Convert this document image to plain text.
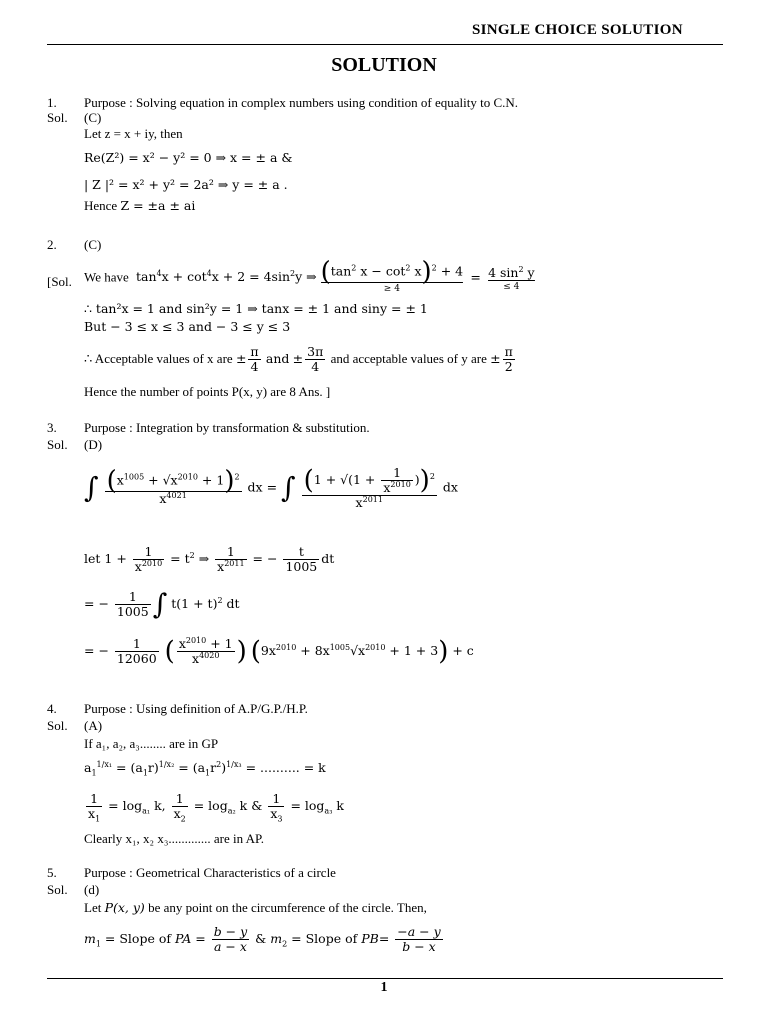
SINGLE CHOICE SOLUTION
SOLUTION
1. Purpose : Solving equation in complex numbers using condition of equality to C.N.
Sol. (C)
Let z = x + iy, then
Re(Z²) = x² − y² = 0 ⇒ x = ± a &
| Z |² = x² + y² = 2a² ⇒ y = ± a .
Hence Z = ±a ± ai
2. (C)
[Sol. We have  $\tan^4x + \cot^4x + 2 = 4\sin^2y$ ⇒ ($\tan^2$ $x - \cot^2 x)^2 + 4$
≥ 4
= 4 $\sin^2 y$
≤ 4
∴ tan²x = 1 and sin²y = 1 ⇒ tanx = ± 1 and siny = ± 1
But − 3 ≤ x ≤ 3 and − 3 ≤ y ≤ 3
∴ Acceptable values of x are ± $\frac{\pi}{4}$ and ± $\frac{3\pi}{4}$ and acceptable values of y are ± $\frac{\pi}{2}$
Hence the number of points P(x, y) are 8 Ans. ]
3. Purpose : Integration by transformation & substitution.
Sol. (D)
∫ $\frac{(x^{1005} + √x^{2010} + 1)^2}{x^{4021}}$ dx = ∫ $\frac{(1 + √(1 + \frac{1}{x^{2010}} ))^2}{x^{2011}}$ dx
let $1 + \frac{1}{x^{2010}} = t^2$ ⇒ $\frac{1}{x^{2011}}$ = − $\frac{t}{1005}$ dt
= − $\frac{1}{1005}$ ∫ $t(1 + t)^2$ dt
= − $\frac{1}{12060}$ ( $\frac{x^{2010} + 1}{x^{4020}}$ ) $(9x^{2010} + 8x^{1005}√x^{2010} + 1 + 3) + c$
4. Purpose : Using definition of A.P/G.P./H.P.
Sol. (A)
If a₁, a₂, a₃........ are in GP
$a_1^{1/x_1} = (a_1r)^{1/x_2} = (a_1r^2)^{1/x_3}$ = .......... = k
$\frac{1}{x_1} = \log_{a_1} k$, $\frac{1}{x_2} = \log_{a_2} k$ & $\frac{1}{x_3} = \log_{a_3} k$
Clearly x₁, x₂ x₃............. are in AP.
5. Purpose : Geometrical Characteristics of a circle
Sol. (d)
Let P(x, y) be any point on the circumference of the circle. Then,
$m_1$ = Slope of PA = $\frac{b - y}{a - x}$ & $m_2$ = Slope of $PB= \frac{-a - y}{b - x}$
1
